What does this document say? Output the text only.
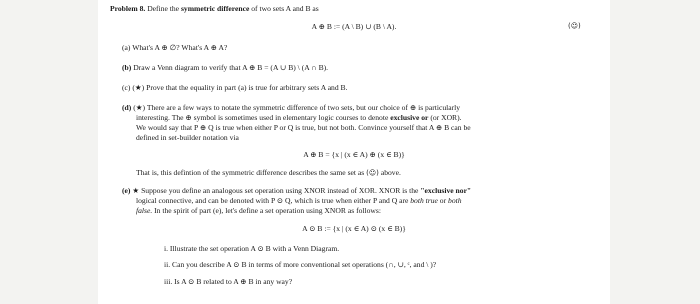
Problem 8. Define the symmetric difference of two sets A and B as
A ⊕ B := (A \ B) ∪ (B \ A).	(☺)
(a) What's A ⊕ ∅? What's A ⊕ A?
(b) Draw a Venn diagram to verify that A ⊕ B = (A ∪ B) \ (A ∩ B).
(c) (★) Prove that the equality in part (a) is true for arbitrary sets A and B.
(d) (★) There are a few ways to notate the symmetric difference of two sets, but our choice of ⊕ is particularly
interesting. The ⊕ symbol is sometimes used in elementary logic courses to denote exclusive or (or XOR).
We would say that P ⊕ Q is true when either P or Q is true, but not both. Convince yourself that A ⊕ B can be
defined in set-builder notation via
A ⊕ B = {x | (x ∈ A) ⊕ (x ∈ B)}
That is, this defintion of the symmetric difference describes the same set as (☺) above.
(e) ★ Suppose you define an analogous set operation using XNOR instead of XOR. XNOR is the "exclusive nor"
logical connective, and can be denoted with P ⊙ Q, which is true when either P and Q are both true or both
false. In the spirit of part (e), let's define a set operation using XNOR as follows:
A ⊙ B := {x | (x ∈ A) ⊙ (x ∈ B)}
i. Illustrate the set operation A ⊙ B with a Venn Diagram.
ii. Can you describe A ⊙ B in terms of more conventional set operations (∩, ∪, ᶜ, and \ )?
iii. Is A ⊙ B related to A ⊕ B in any way?
